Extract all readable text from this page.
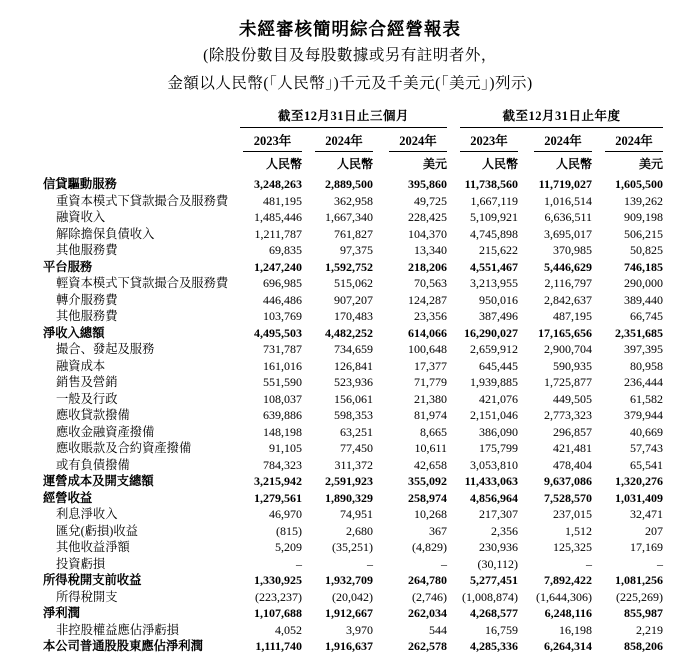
未經審核簡明綜合經營報表
(除股份數目及每股數據或另有註明者外，
金額以人民幣(「人民幣」)千元及千美元(「美元」)列示)
	截至12月31日止三個月				截至12月31日止年度		

	2023年	2024年	2024年		2023年	2024年	2024年

	人民幣	人民幣	美元		人民幣	人民幣	美元
信貸驅動服務	3,248,263	2,889,500	395,860		11,738,560	11,719,027	1,605,500
重資本模式下貸款撮合及服務費	481,195	362,958	49,725		1,667,119	1,016,514	139,262
融資收入	1,485,446	1,667,340	228,425		5,109,921	6,636,511	909,198
解除擔保負債收入	1,211,787	761,827	104,370		4,745,898	3,695,017	506,215
其他服務費	69,835	97,375	13,340		215,622	370,985	50,825
平台服務	1,247,240	1,592,752	218,206		4,551,467	5,446,629	746,185
輕資本模式下貸款撮合及服務費	696,985	515,062	70,563		3,213,955	2,116,797	290,000
轉介服務費	446,486	907,207	124,287		950,016	2,842,637	389,440
其他服務費	103,769	170,483	23,356		387,496	487,195	66,745
淨收入總額	4,495,503	4,482,252	614,066		16,290,027	17,165,656	2,351,685
撮合、發起及服務	731,787	734,659	100,648		2,659,912	2,900,704	397,395
融資成本	161,016	126,841	17,377		645,445	590,935	80,958
銷售及營銷	551,590	523,936	71,779		1,939,885	1,725,877	236,444
一般及行政	108,037	156,061	21,380		421,076	449,505	61,582
應收貸款撥備	639,886	598,353	81,974		2,151,046	2,773,323	379,944
應收金融資產撥備	148,198	63,251	8,665		386,090	296,857	40,669
應收賬款及合約資產撥備	91,105	77,450	10,611		175,799	421,481	57,743
或有負債撥備	784,323	311,372	42,658		3,053,810	478,404	65,541
運營成本及開支總額	3,215,942	2,591,923	355,092		11,433,063	9,637,086	1,320,276
經營收益	1,279,561	1,890,329	258,974		4,856,964	7,528,570	1,031,409
利息淨收入	46,970	74,951	10,268		217,307	237,015	32,471
匯兌(虧損)收益	(815)	2,680	367		2,356	1,512	207
其他收益淨額	5,209	(35,251)	(4,829)		230,936	125,325	17,169
投資虧損	–	–	–		(30,112)	–	–
所得稅開支前收益	1,330,925	1,932,709	264,780		5,277,451	7,892,422	1,081,256
所得稅開支	(223,237)	(20,042)	(2,746)		(1,008,874)	(1,644,306)	(225,269)
淨利潤	1,107,688	1,912,667	262,034		4,268,577	6,248,116	855,987
非控股權益應佔淨虧損	4,052	3,970	544		16,759	16,198	2,219
本公司普通股股東應佔淨利潤	1,111,740	1,916,637	262,578		4,285,336	6,264,314	858,206
